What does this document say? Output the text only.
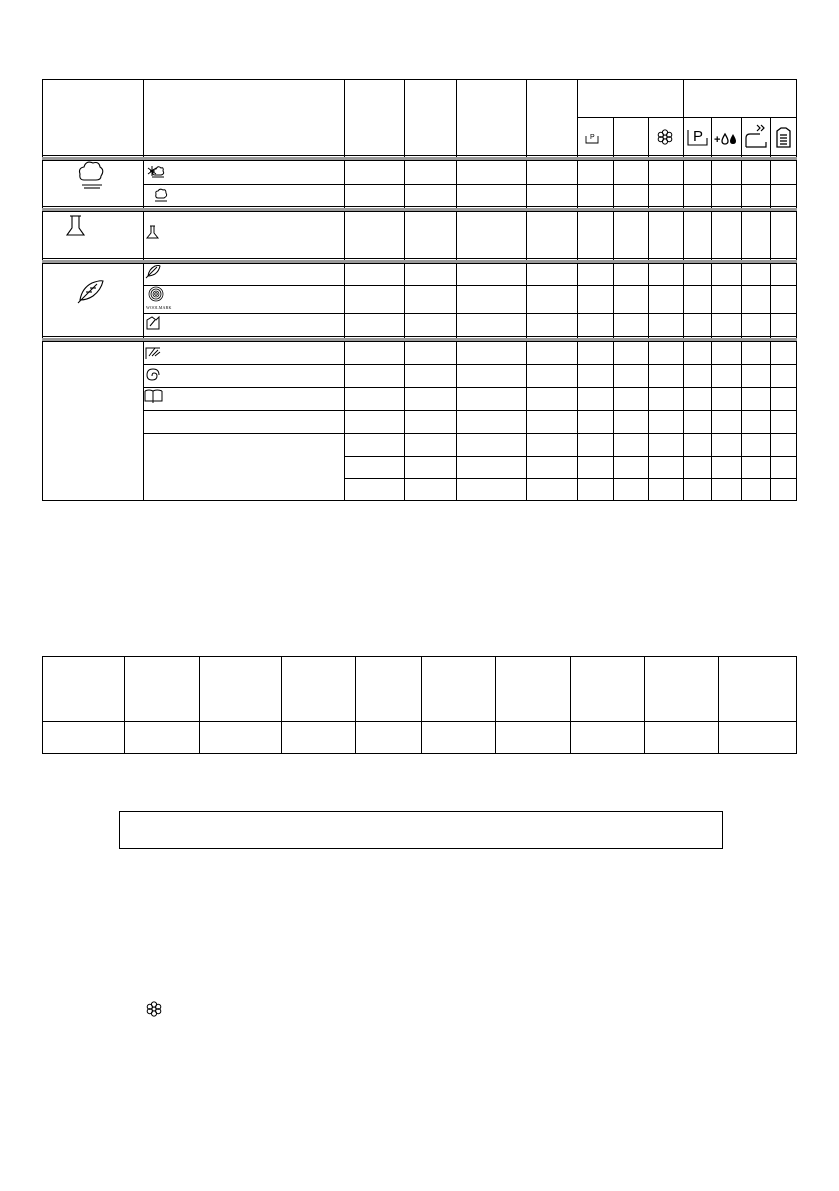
P	P +
WOOLMARK
